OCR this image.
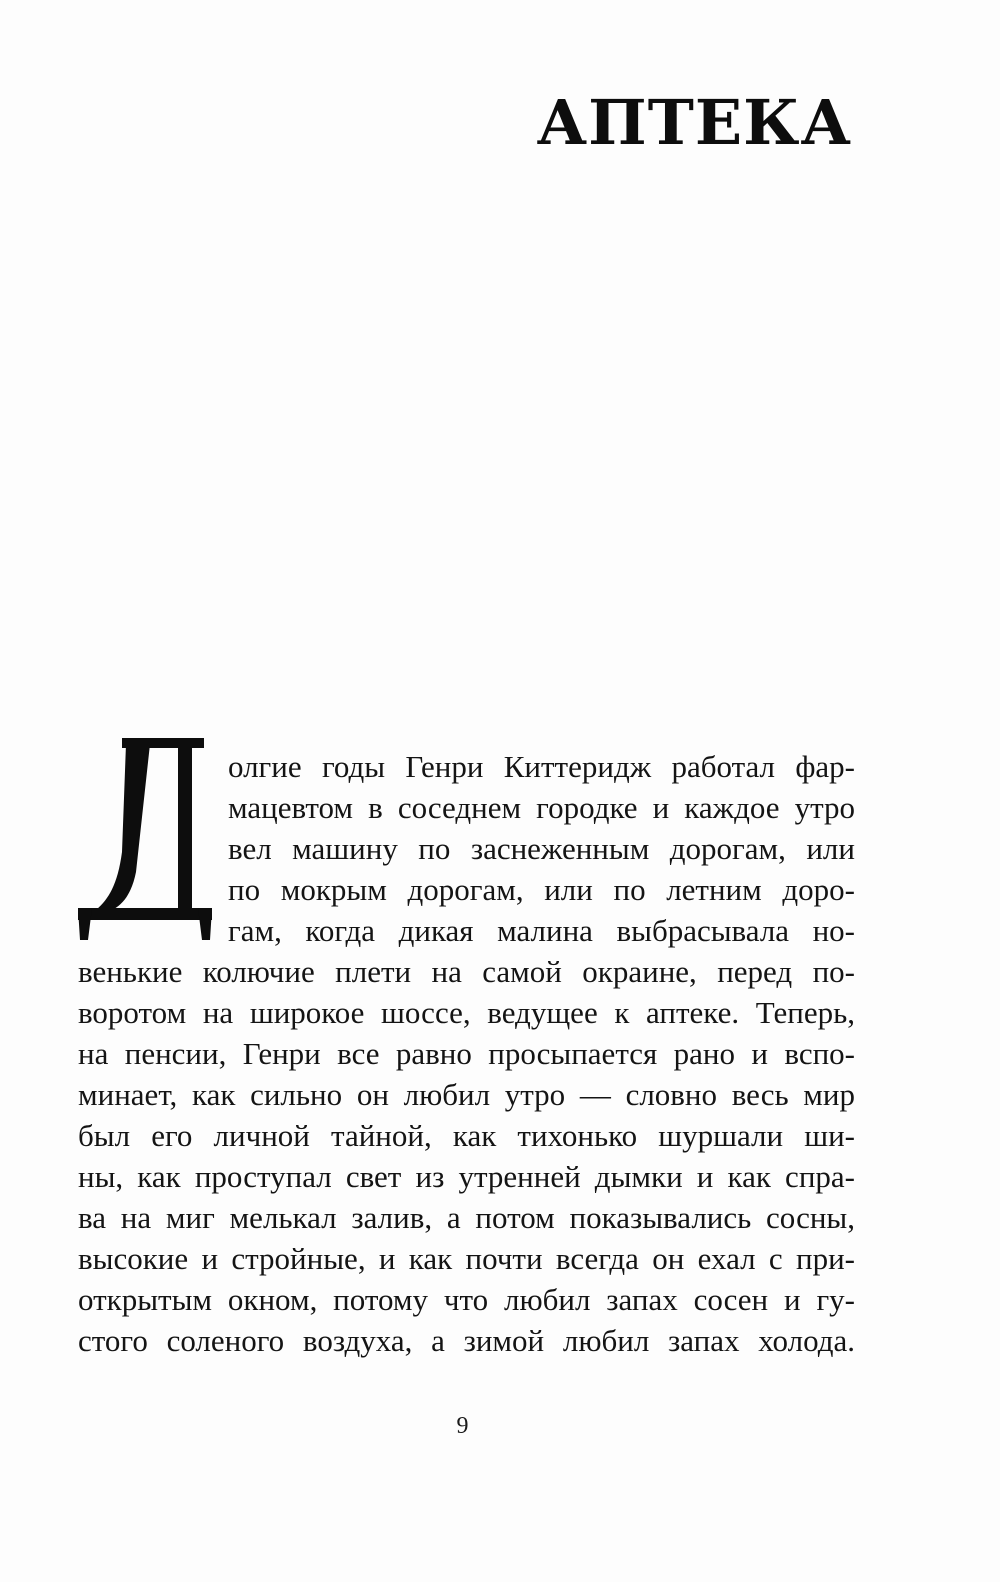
АПТЕКА
олгие годы Генри Киттеридж работал фар-
мацевтом в соседнем городке и каждое утро
вел машину по заснеженным дорогам, или
по мокрым дорогам, или по летним доро-
гам, когда дикая малина выбрасывала но-
венькие колючие плети на самой окраине, перед по-
воротом на широкое шоссе, ведущее к аптеке. Теперь,
на пенсии, Генри все равно просыпается рано и вспо-
минает, как сильно он любил утро — словно весь мир
был его личной тайной, как тихонько шуршали ши-
ны, как проступал свет из утренней дымки и как спра-
ва на миг мелькал залив, а потом показывались сосны,
высокие и стройные, и как почти всегда он ехал с при-
открытым окном, потому что любил запах сосен и гу-
стого соленого воздуха, а зимой любил запах холода.
9
